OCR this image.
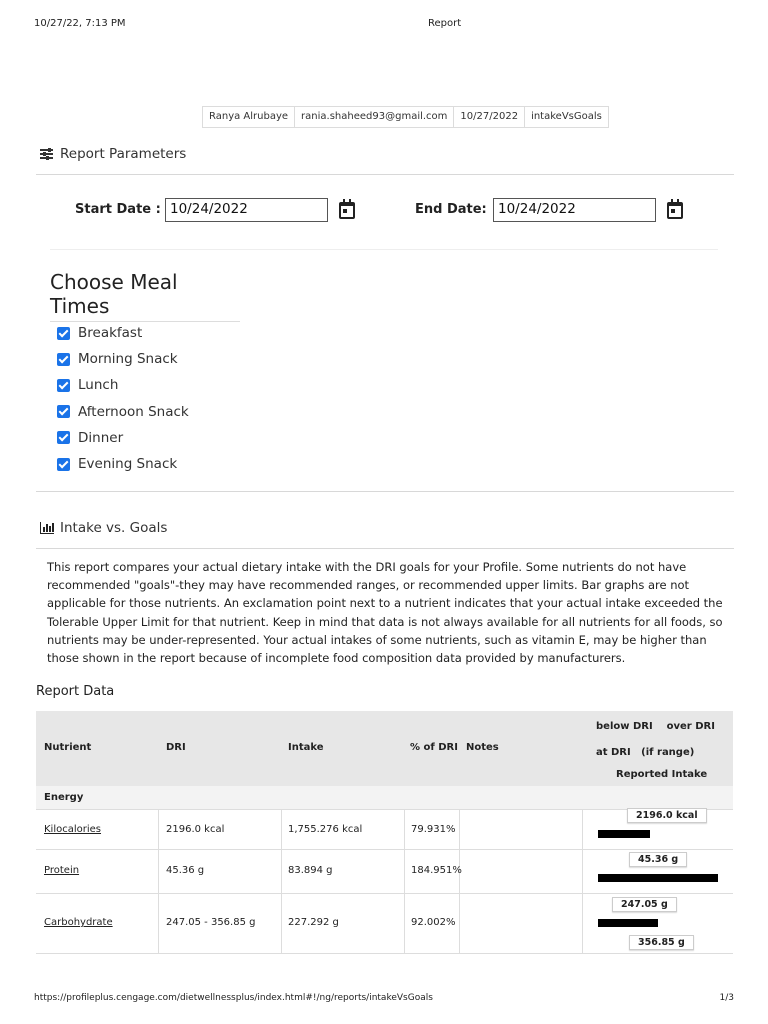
10/27/22, 7:13 PM	Report
Ranya Alrubaye	rania.shaheed93@gmail.com	10/27/2022	intakeVsGoals
Report Parameters
Start Date : 10/24/2022	End Date: 10/24/2022
Choose Meal Times
Breakfast
Morning Snack
Lunch
Afternoon Snack
Dinner
Evening Snack
Intake vs. Goals

This report compares your actual dietary intake with the DRI goals for your Profile. Some nutrients do not have recommended "goals"-they may have recommended ranges, or recommended upper limits. Bar graphs are not applicable for those nutrients. An exclamation point next to a nutrient indicates that your actual intake exceeded the Tolerable Upper Limit for that nutrient. Keep in mind that data is not always available for all nutrients for all foods, so nutrients may be under-represented. Your actual intakes of some nutrients, such as vitamin E, may be higher than those shown in the report because of incomplete food composition data provided by manufacturers.

Report Data
Nutrient	DRI	Intake	% of DRI Notes
below DRI    over DRI
at DRI   (if range)
Reported Intake
Energy
Kilocalories	2196.0 kcal	1,755.276 kcal	79.931%
2196.0 kcal
Protein	45.36 g	83.894 g	184.951%
45.36 g
Carbohydrate	247.05 - 356.85 g	227.292 g	92.002%
247.05 g
356.85 g
https://profileplus.cengage.com/dietwellnessplus/index.html#!/ng/reports/intakeVsGoals	1/3
